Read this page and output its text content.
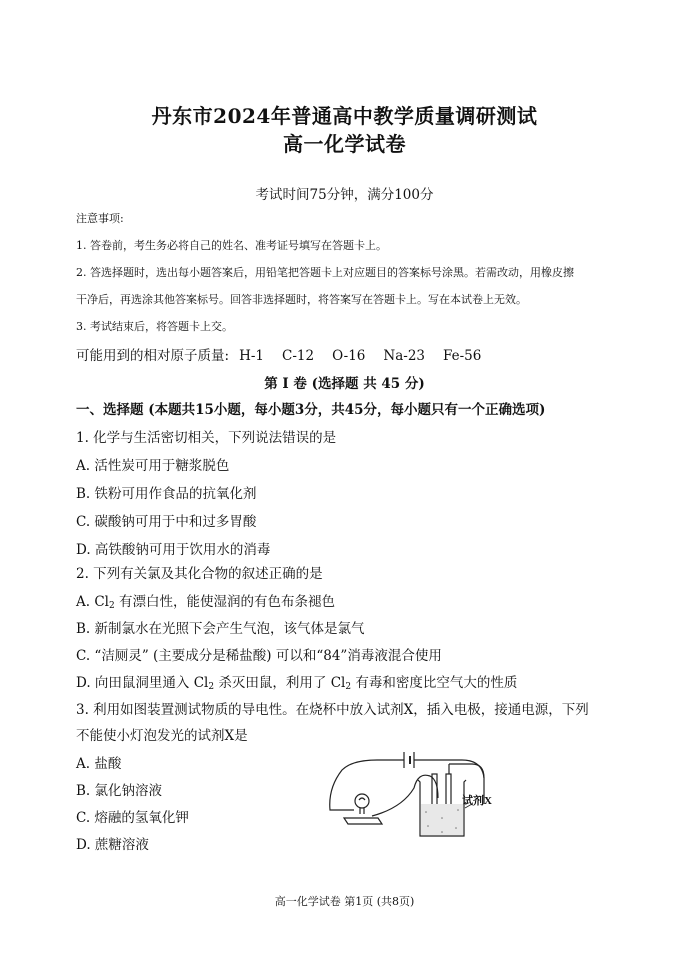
丹东市2024年普通高中教学质量调研测试
高一化学试卷
考试时间75分钟，满分100分
注意事项:
1. 答卷前，考生务必将自己的姓名、准考证号填写在答题卡上。
2. 答选择题时，选出每小题答案后，用铅笔把答题卡上对应题目的答案标号涂黑。若需改动，用橡皮擦
干净后，再选涂其他答案标号。回答非选择题时，将答案写在答题卡上。写在本试卷上无效。
3. 考试结束后，将答题卡上交。
可能用到的相对原子质量: H-1 C-12 O-16 Na-23 Fe-56
第 Ⅰ 卷 (选择题 共 45 分)
一、选择题 (本题共15小题，每小题3分，共45分，每小题只有一个正确选项)
1. 化学与生活密切相关，下列说法错误的是
A. 活性炭可用于糖浆脱色
B. 铁粉可用作食品的抗氧化剂
C. 碳酸钠可用于中和过多胃酸
D. 高铁酸钠可用于饮用水的消毒
2. 下列有关氯及其化合物的叙述正确的是
A. $Cl_2$ 有漂白性，能使湿润的有色布条褪色
B. 新制氯水在光照下会产生气泡，该气体是氯气
C. “洁厕灵” (主要成分是稀盐酸) 可以和“84”消毒液混合使用
D. 向田鼠洞里通入 $Cl_2$ 杀灭田鼠，利用了 $Cl_2$ 有毒和密度比空气大的性质
3. 利用如图装置测试物质的导电性。在烧杯中放入试剂X，插入电极，接通电源，下列
不能使小灯泡发光的试剂X是
A. 盐酸
B. 氯化钠溶液
C. 熔融的氢氧化钾
D. 蔗糖溶液
试剂X
高一化学试卷 第1页 (共8页)
